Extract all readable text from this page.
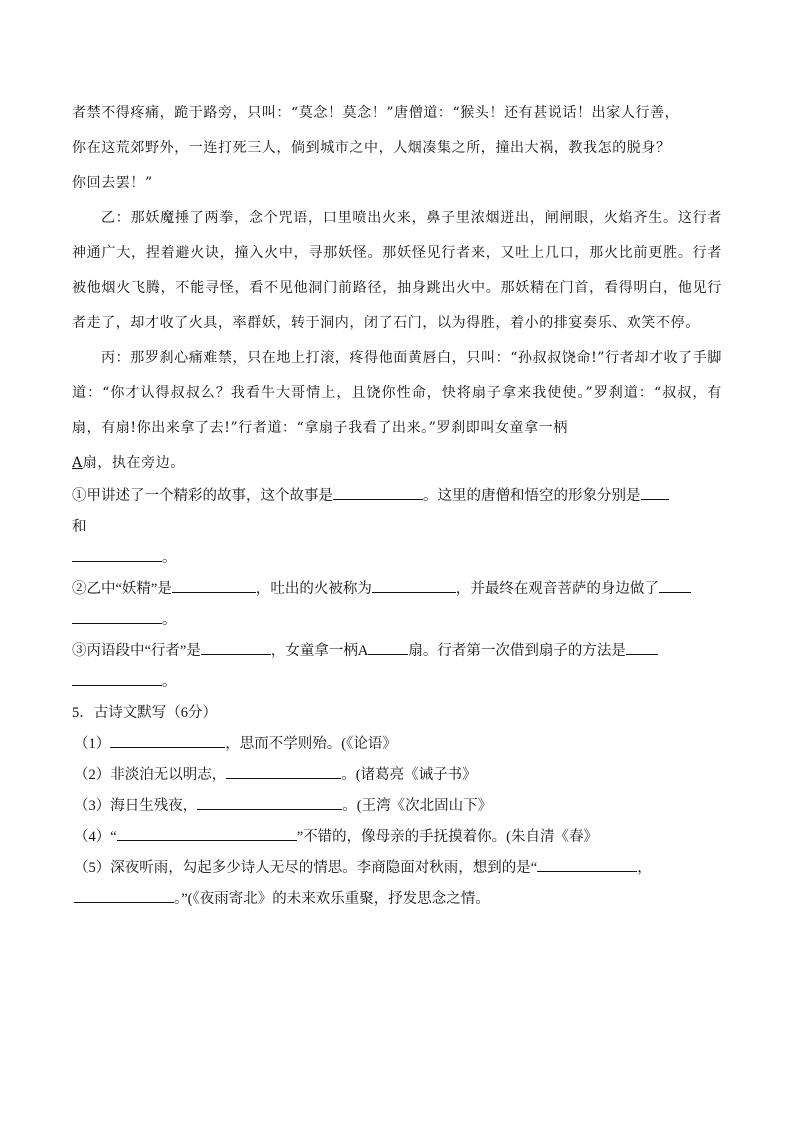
者禁不得疼痛，跪于路旁，只叫：“莫念！莫念！”唐僧道：“猴头！还有甚说话！出家人行善，

你在这荒郊野外，一连打死三人，倘到城市之中，人烟凑集之所，撞出大祸，教我怎的脱身？

你回去罢！”

乙：那妖魔捶了两拳，念个咒语，口里喷出火来，鼻子里浓烟迸出，闸闸眼，火焰齐生。这行者神通广大，捏着避火诀，撞入火中，寻那妖怪。那妖怪见行者来，又吐上几口，那火比前更胜。行者被他烟火飞腾，不能寻怪，看不见他洞门前路径，抽身跳出火中。那妖精在门首，看得明白，他见行者走了，却才收了火具，率群妖，转于洞内，闭了石门，以为得胜，着小的排宴奏乐、欢笑不停。

丙：那罗刹心痛难禁，只在地上打滚，疼得他面黄唇白，只叫：“孙叔叔饶命!”行者却才收了手脚道：“你才认得叔叔么？我看牛大哥情上，且饶你性命，快将扇子拿来我使使。”罗刹道：“叔叔，有扇，有扇!你出来拿了去!”行者道：“拿扇子我看了出来。”罗刹即叫女童拿一柄
A扇，执在旁边。

①甲讲述了一个精彩的故事，这个故事是	。这里的唐僧和悟空的形象分别是
和
。

②乙中“妖精”是	，吐出的火被称为	，并最终在观音菩萨的身边做了
。

③丙语段中“行者”是	，女童拿一柄A	扇。行者第一次借到扇子的方法是
。

5．古诗文默写（6分）

（1）	，思而不学则殆。(《论语》

（2）非淡泊无以明志，	。(诸葛亮《诫子书》

（3）海日生残夜，	。(王湾《次北固山下》

（4）“	”不错的，像母亲的手抚摸着你。(朱自清《春》

（5）深夜听雨，勾起多少诗人无尽的情思。李商隐面对秋雨，想到的是“	，
。”(《夜雨寄北》的未来欢乐重聚，抒发思念之情。
